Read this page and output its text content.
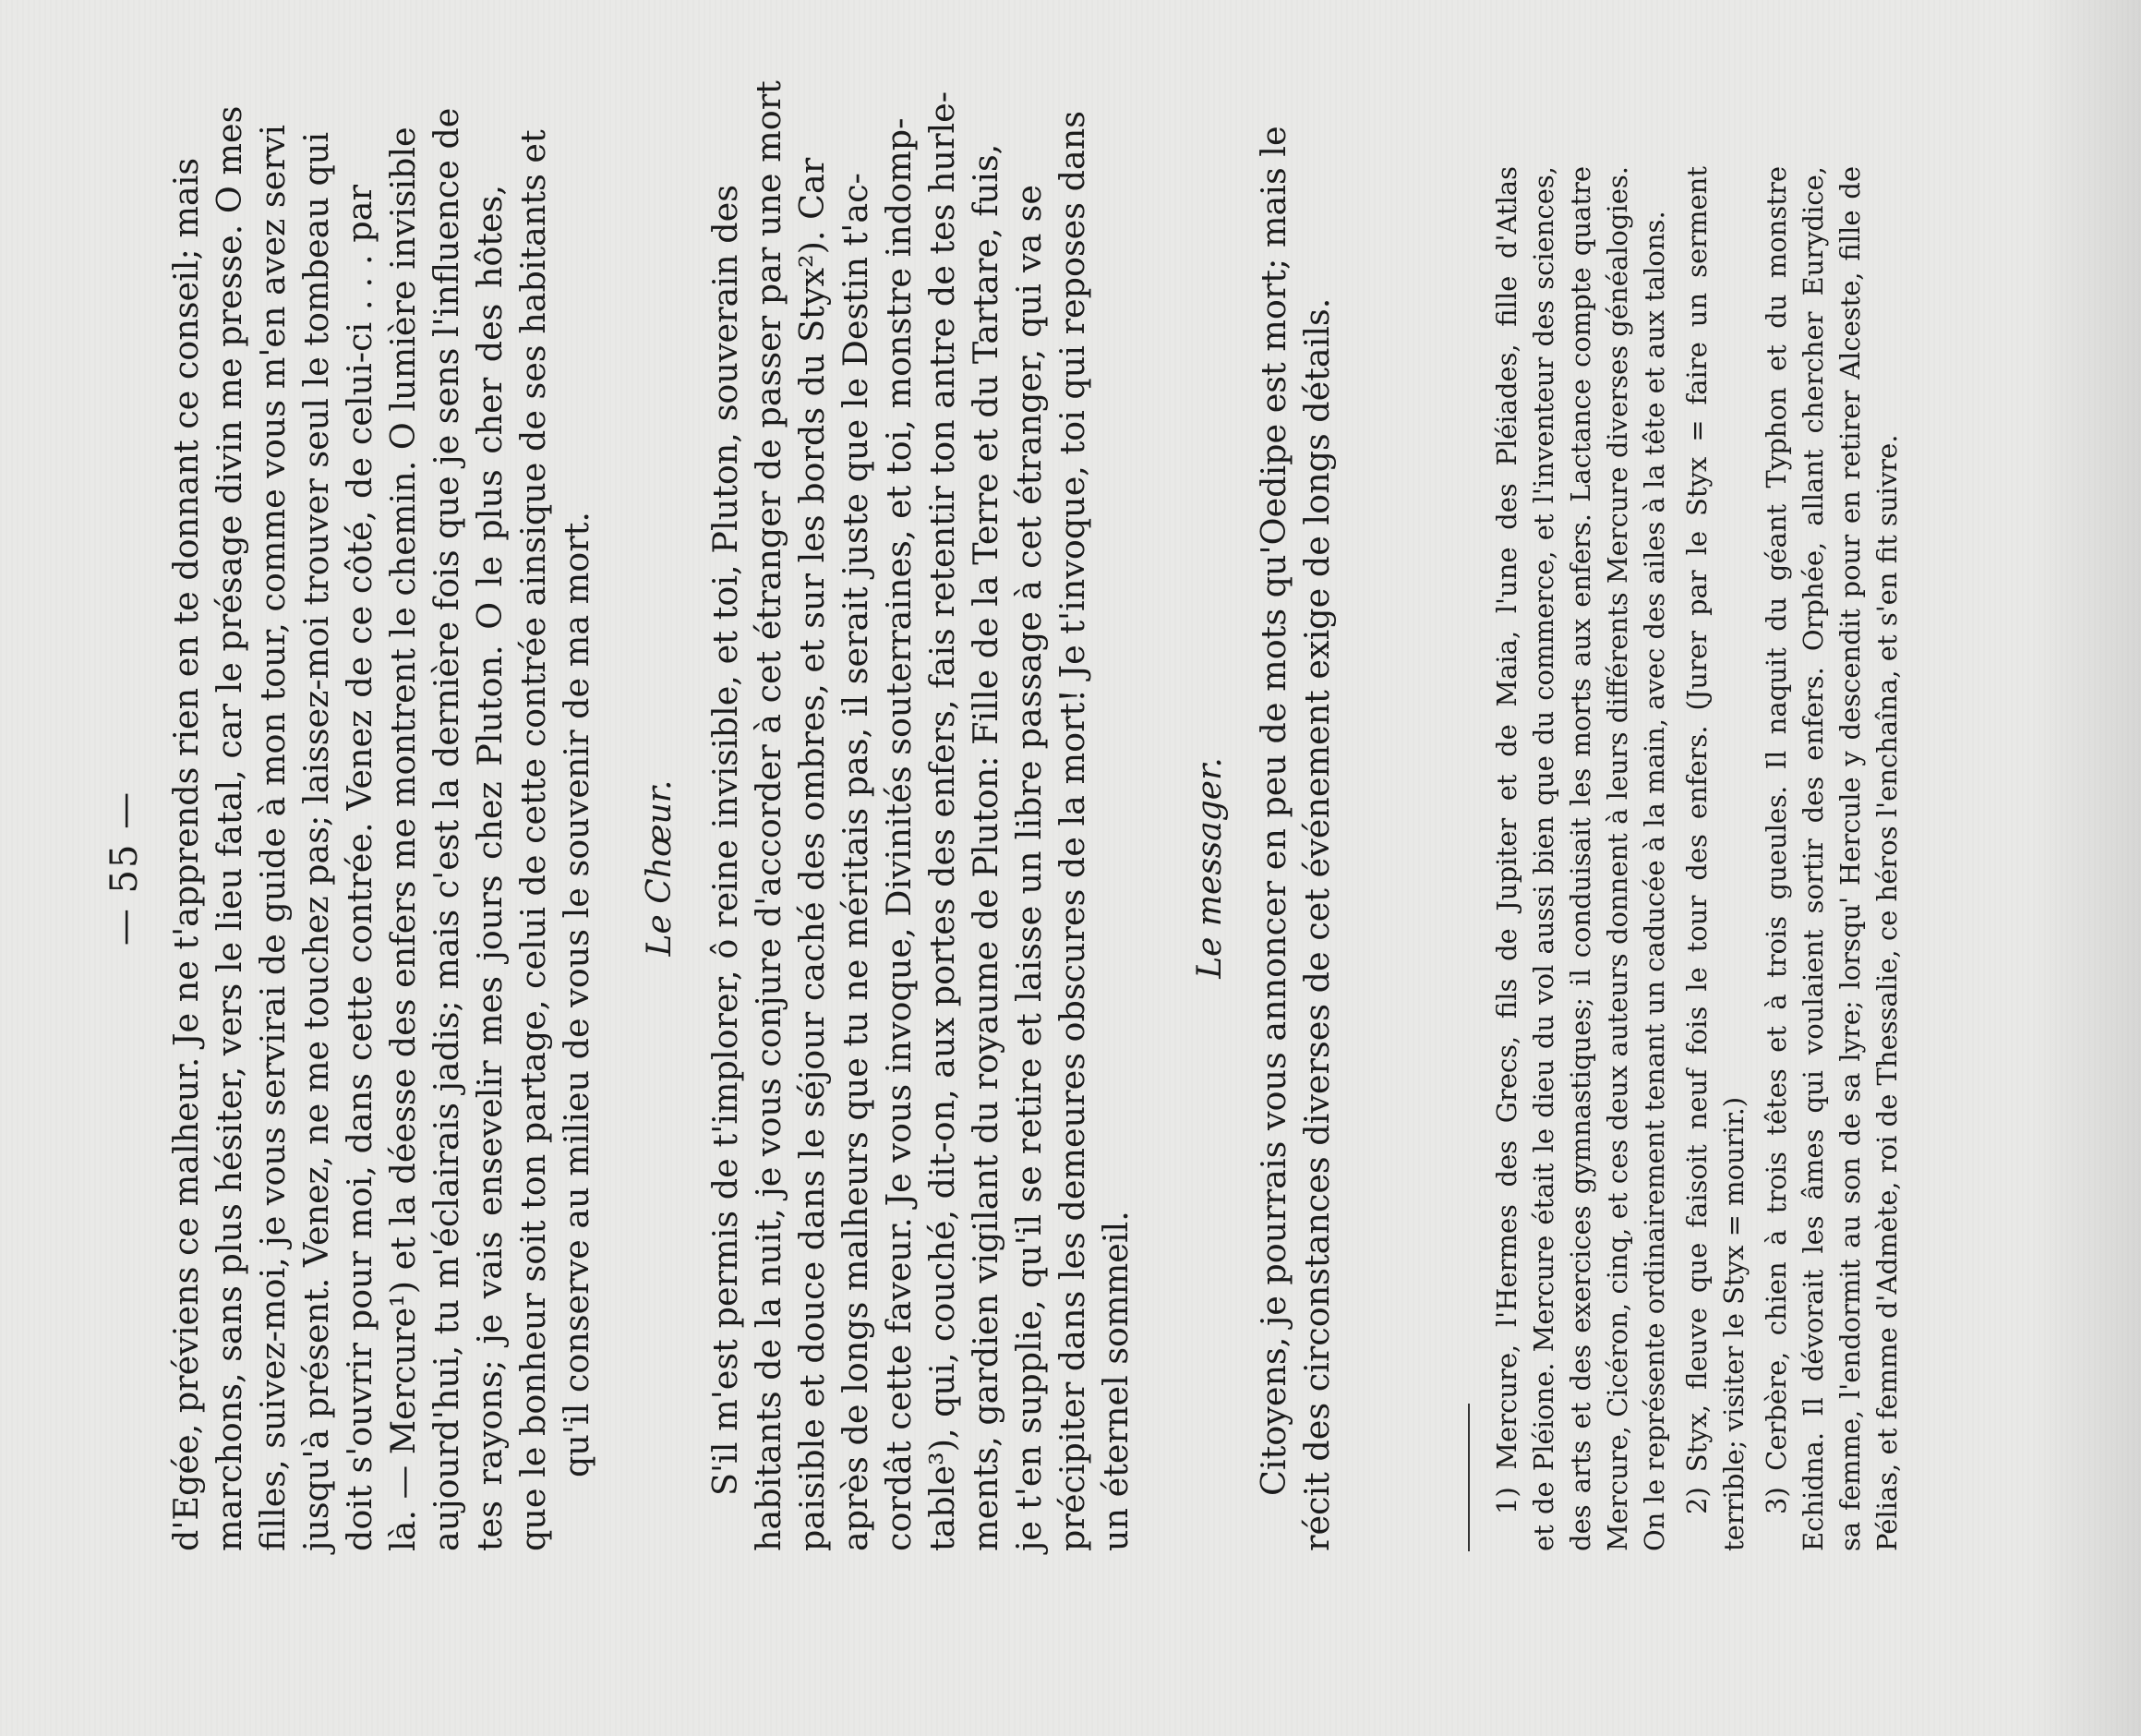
— 55 — d'Egée, préviens ce malheur. Je ne t'apprends rien en te donnant ce conseil; mais marchons, sans plus hésiter, vers le lieu fatal, car le présage divin me presse. O mes filles, suivez-moi, je vous servirai de guide à mon tour, comme vous m'en avez servi jusqu'à présent. Venez, ne me touchez pas; laissez-moi trouver seul le tombeau qui doit s'ouvrir pour moi, dans cette contrée. Venez de ce côté, de celui-ci . . . par là. — Mercure¹) et la déesse des enfers me montrent le chemin. O lumière invisible aujourd'hui, tu m'éclairais jadis; mais c'est la dernière fois que je sens l'influence de tes rayons; je vais ensevelir mes jours chez Pluton. O le plus cher des hôtes, que le bonheur soit ton partage, celui de cette contrée ainsique de ses habitants et qu'il conserve au milieu de vous le souvenir de ma mort. Le Chœur. S'il m'est permis de t'implorer, ô reine invisible, et toi, Pluton, souverain des habitants de la nuit, je vous conjure d'accorder à cet étranger de passer par une mort paisible et douce dans le séjour caché des ombres, et sur les bords du Styx²). Car après de longs malheurs que tu ne méritais pas, il serait juste que le Destin t'ac- cordât cette faveur. Je vous invoque, Divinités souterraines, et toi, monstre indomp- table³), qui, couché, dit-on, aux portes des enfers, fais retentir ton antre de tes hurle- ments, gardien vigilant du royaume de Pluton: Fille de la Terre et du Tartare, fuis, je t'en supplie, qu'il se retire et laisse un libre passage à cet étranger, qui va se précipiter dans les demeures obscures de la mort! Je t'invoque, toi qui reposes dans un éternel sommeil.
Le messager. Citoyens, je pourrais vous annoncer en peu de mots qu'Oedipe est mort; mais le récit des circonstances diverses de cet événement exige de longs détails.	1) Mercure, l'Hermes des Grecs, fils de Jupiter et de Maia, l'une des Pléiades, fille d'Atlas et de Pléione. Mercure était le dieu du vol aussi bien que du commerce, et l'inventeur des sciences, des arts et des exercices gymnastiques; il conduisait les morts aux enfers. Lactance compte quatre Mercure, Cicéron, cinq, et ces deux auteurs donnent à leurs différents Mercure diverses généalogies. On le représente ordinairement tenant un caducée à la main, avec des ailes à la tête et aux talons. 2) Styx, fleuve que faisoit neuf fois le tour des enfers. (Jurer par le Styx = faire un serment terrible; visiter le Styx = mourir.) 3) Cerbère, chien à trois têtes et à trois gueules. Il naquit du géant Typhon et du monstre Echidna. Il dévorait les âmes qui voulaient sortir des enfers. Orphée, allant chercher Eurydice, sa femme, l'endormit au son de sa lyre; lorsqu' Hercule y descendit pour en retirer Alceste, fille de Pélias, et femme d'Admète, roi de Thessalie, ce héros l'enchaîna, et s'en fit suivre.
